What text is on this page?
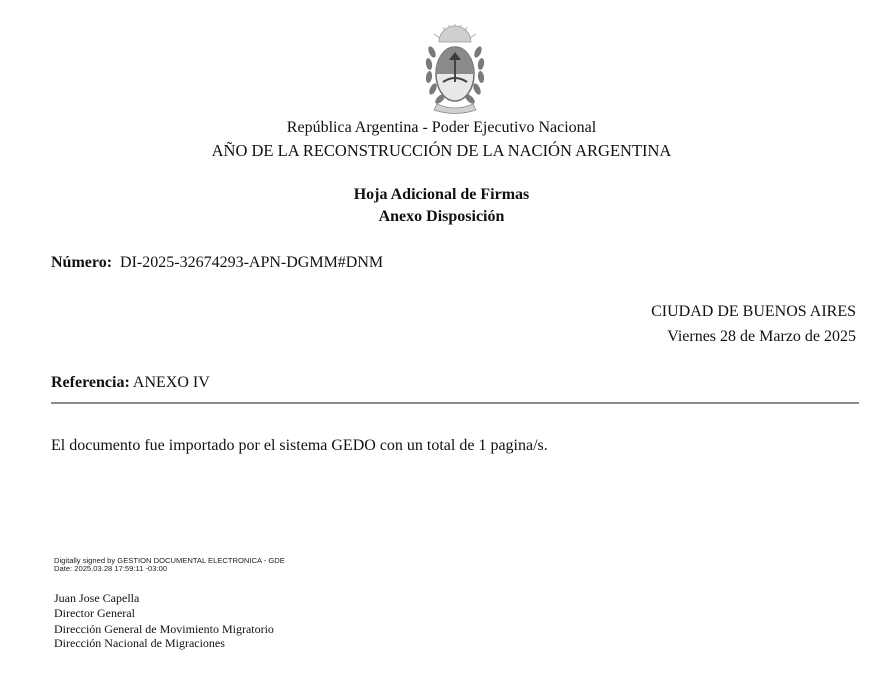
República Argentina - Poder Ejecutivo Nacional
AÑO DE LA RECONSTRUCCIÓN DE LA NACIÓN ARGENTINA
Hoja Adicional de Firmas
Anexo Disposición
Número: DI-2025-32674293-APN-DGMM#DNM
CIUDAD DE BUENOS AIRES
Viernes 28 de Marzo de 2025
Referencia: ANEXO IV
El documento fue importado por el sistema GEDO con un total de 1 pagina/s.
Digitally signed by GESTION DOCUMENTAL ELECTRONICA - GDE
Date: 2025.03.28 17:59:11 -03:00
Juan Jose Capella
Director General
Dirección General de Movimiento Migratorio
Dirección Nacional de Migraciones
